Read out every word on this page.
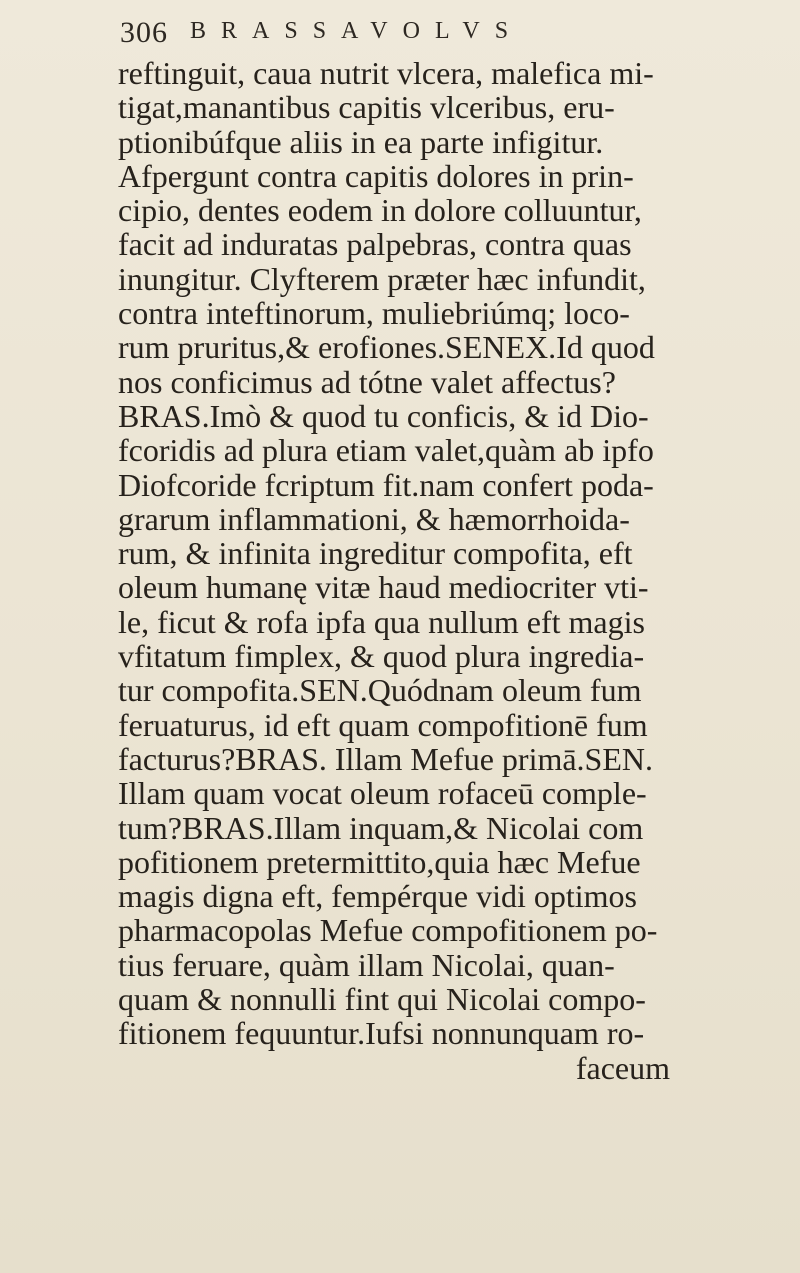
306 BRASSAVOLVS
reftinguit, caua nutrit vlcera, malefica mi-
tigat,manantibus capitis vlceribus, eru-
ptionibúfque aliis in ea parte infigitur.
Afpergunt contra capitis dolores in prin-
cipio, dentes eodem in dolore colluuntur,
facit ad induratas palpebras, contra quas
inungitur. Clyfterem præter hæc infundit,
contra inteftinorum, muliebriúmq; loco-
rum pruritus,& erofiones.SENEX.Id quod
nos conficimus ad tótne valet affectus?
BRAS.Imò & quod tu conficis, & id Dio-
fcoridis ad plura etiam valet,quàm ab ipfo
Diofcoride fcriptum fit.nam confert poda-
grarum inflammationi, & hæmorrhoida-
rum, & infinita ingreditur compofita, eft
oleum humanę vitæ haud mediocriter vti-
le, ficut & rofa ipfa qua nullum eft magis
vfitatum fimplex, & quod plura ingredia-
tur compofita.SEN.Quódnam oleum fum
feruaturus, id eft quam compofitionē fum
facturus?BRAS. Illam Mefue primā.SEN.
Illam quam vocat oleum rofaceū comple-
tum?BRAS.Illam inquam,& Nicolai com
pofitionem pretermittito,quia hæc Mefue
magis digna eft, fempérque vidi optimos
pharmacopolas Mefue compofitionem po-
tius feruare, quàm illam Nicolai, quan-
quam & nonnulli fint qui Nicolai compo-
fitionem fequuntur.Iufsi nonnunquam ro-
faceum
